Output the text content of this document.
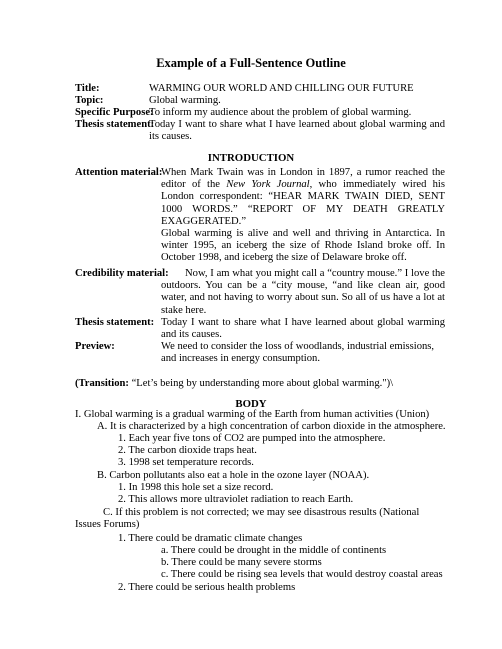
Example of a Full-Sentence Outline
Title:	WARMING OUR WORLD AND CHILLING OUR FUTURE
Topic:	Global warming.
Specific Purpose:
To inform my audience about the problem of global warming.
Thesis statement:
Today I want to share what I have learned about global warming and its causes.
INTRODUCTION
Attention material:
When Mark Twain was in London in 1897, a rumor reached the editor of the New York Journal, who immediately wired his London correspondent: “HEAR MARK TWAIN DIED, SENT 1000 WORDS.” “REPORT OF MY DEATH GREATLY EXAGGERATED.”
Global warming is alive and well and thriving in Antarctica. In winter 1995, an iceberg the size of Rhode Island broke off. In October 1998, and iceberg the size of Delaware broke off.
Credibility material:	Now, I am what you might call a “country mouse.” I love the outdoors. You can be a “city mouse, “and like clean air, good water, and not having to worry about sun. So all of us have a lot at stake here.
Thesis statement: Today I want to share what I have learned about global warming and its causes.
Preview:	We need to consider the loss of woodlands, industrial emissions,
and increases in energy consumption.
(Transition: “Let’s being by understanding more about global warming.")\
BODY
I. Global warming is a gradual warming of the Earth from human activities (Union)
A. It is characterized by a high concentration of carbon dioxide in the atmosphere.
1. Each year five tons of CO2 are pumped into the atmosphere.
2. The carbon dioxide traps heat.
3. 1998 set temperature records.
B. Carbon pollutants also eat a hole in the ozone layer (NOAA).
1. In 1998 this hole set a size record.
2. This allows more ultraviolet radiation to reach Earth.
C. If this problem is not corrected; we may see disastrous results (National Issues Forums)
1. There could be dramatic climate changes
a. There could be drought in the middle of continents
b. There could be many severe storms
c. There could be rising sea levels that would destroy coastal areas
2. There could be serious health problems
